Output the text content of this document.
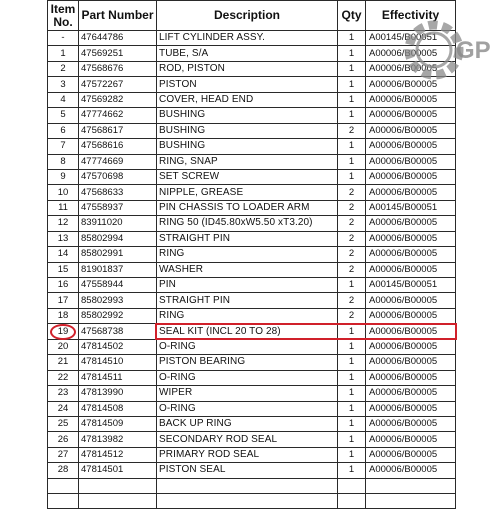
Item
No.	Part Number	Description	Qty	Effectivity
-	47644786	LIFT CYLINDER ASSY.	1	A00145/B00051
1	47569251	TUBE, S/A	1	A00006/B00005
2	47568676	ROD, PISTON	1	A00006/B00005
3	47572267	PISTON	1	A00006/B00005
4	47569282	COVER, HEAD END	1	A00006/B00005
5	47774662	BUSHING	1	A00006/B00005
6	47568617	BUSHING	2	A00006/B00005
7	47568616	BUSHING	1	A00006/B00005
8	47774669	RING, SNAP	1	A00006/B00005
9	47570698	SET SCREW	1	A00006/B00005
10	47568633	NIPPLE, GREASE	2	A00006/B00005
11	47558937	PIN CHASSIS TO LOADER ARM	2	A00145/B00051
12	83911020	RING 50 (ID45.80xW5.50 xT3.20)	2	A00006/B00005
13	85802994	STRAIGHT PIN	2	A00006/B00005
14	85802991	RING	2	A00006/B00005
15	81901837	WASHER	2	A00006/B00005
16	47558944	PIN	1	A00145/B00051
17	85802993	STRAIGHT PIN	2	A00006/B00005
18	85802992	RING	2	A00006/B00005
19	47568738	SEAL KIT (INCL 20 TO 28)	1	A00006/B00005
20	47814502	O-RING	1	A00006/B00005
21	47814510	PISTON BEARING	1	A00006/B00005
22	47814511	O-RING	1	A00006/B00005
23	47813990	WIPER	1	A00006/B00005
24	47814508	O-RING	1	A00006/B00005
25	47814509	BACK UP RING	1	A00006/B00005
26	47813982	SECONDARY ROD SEAL	1	A00006/B00005
27	47814512	PRIMARY ROD SEAL	1	A00006/B00005
28	47814501	PISTON SEAL	1	A00006/B00005

GP
